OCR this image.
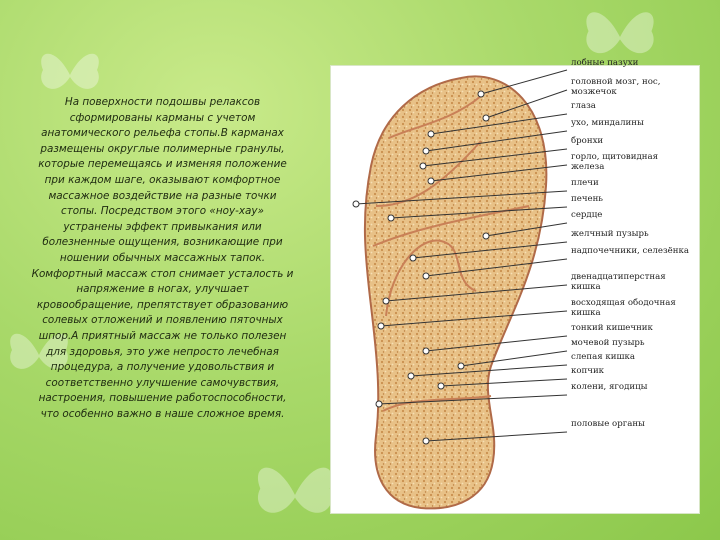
На поверхности подошвы релаксов сформированы карманы с учетом анатомического рельефа стопы.В карманах размещены округлые полимерные гранулы, которые перемещаясь и изменяя положение при каждом шаге, оказывают комфортное массажное воздействие на разные точки стопы. Посредством этого «ноу-хау» устранены эффект привыкания или болезненные ощущения, возникающие при ношении обычных массажных тапок. Комфортный массаж стоп снимает усталость и напряжение в ногах, улучшает кровообращение, препятствует образованию солевых отложений и появлению пяточных шпор.А приятный массаж не только полезен для здоровья, это уже непросто лечебная процедура, а получение удовольствия и соответственно улучшение самочувствия, настроения, повышение работоспособности, что особенно важно в наше сложное время.

лобные пазухи

головной мозг, нос, мозжечок

глаза

ухо, миндалины

бронхи

горло, щитовидная железа

плечи

печень

сердце

желчный пузырь

надпочечники, селезёнка

двенадцатиперстная кишка

восходящая ободочная кишка

тонкий кишечник

мочевой пузырь

слепая кишка

копчик

колени, ягодицы

половые органы
